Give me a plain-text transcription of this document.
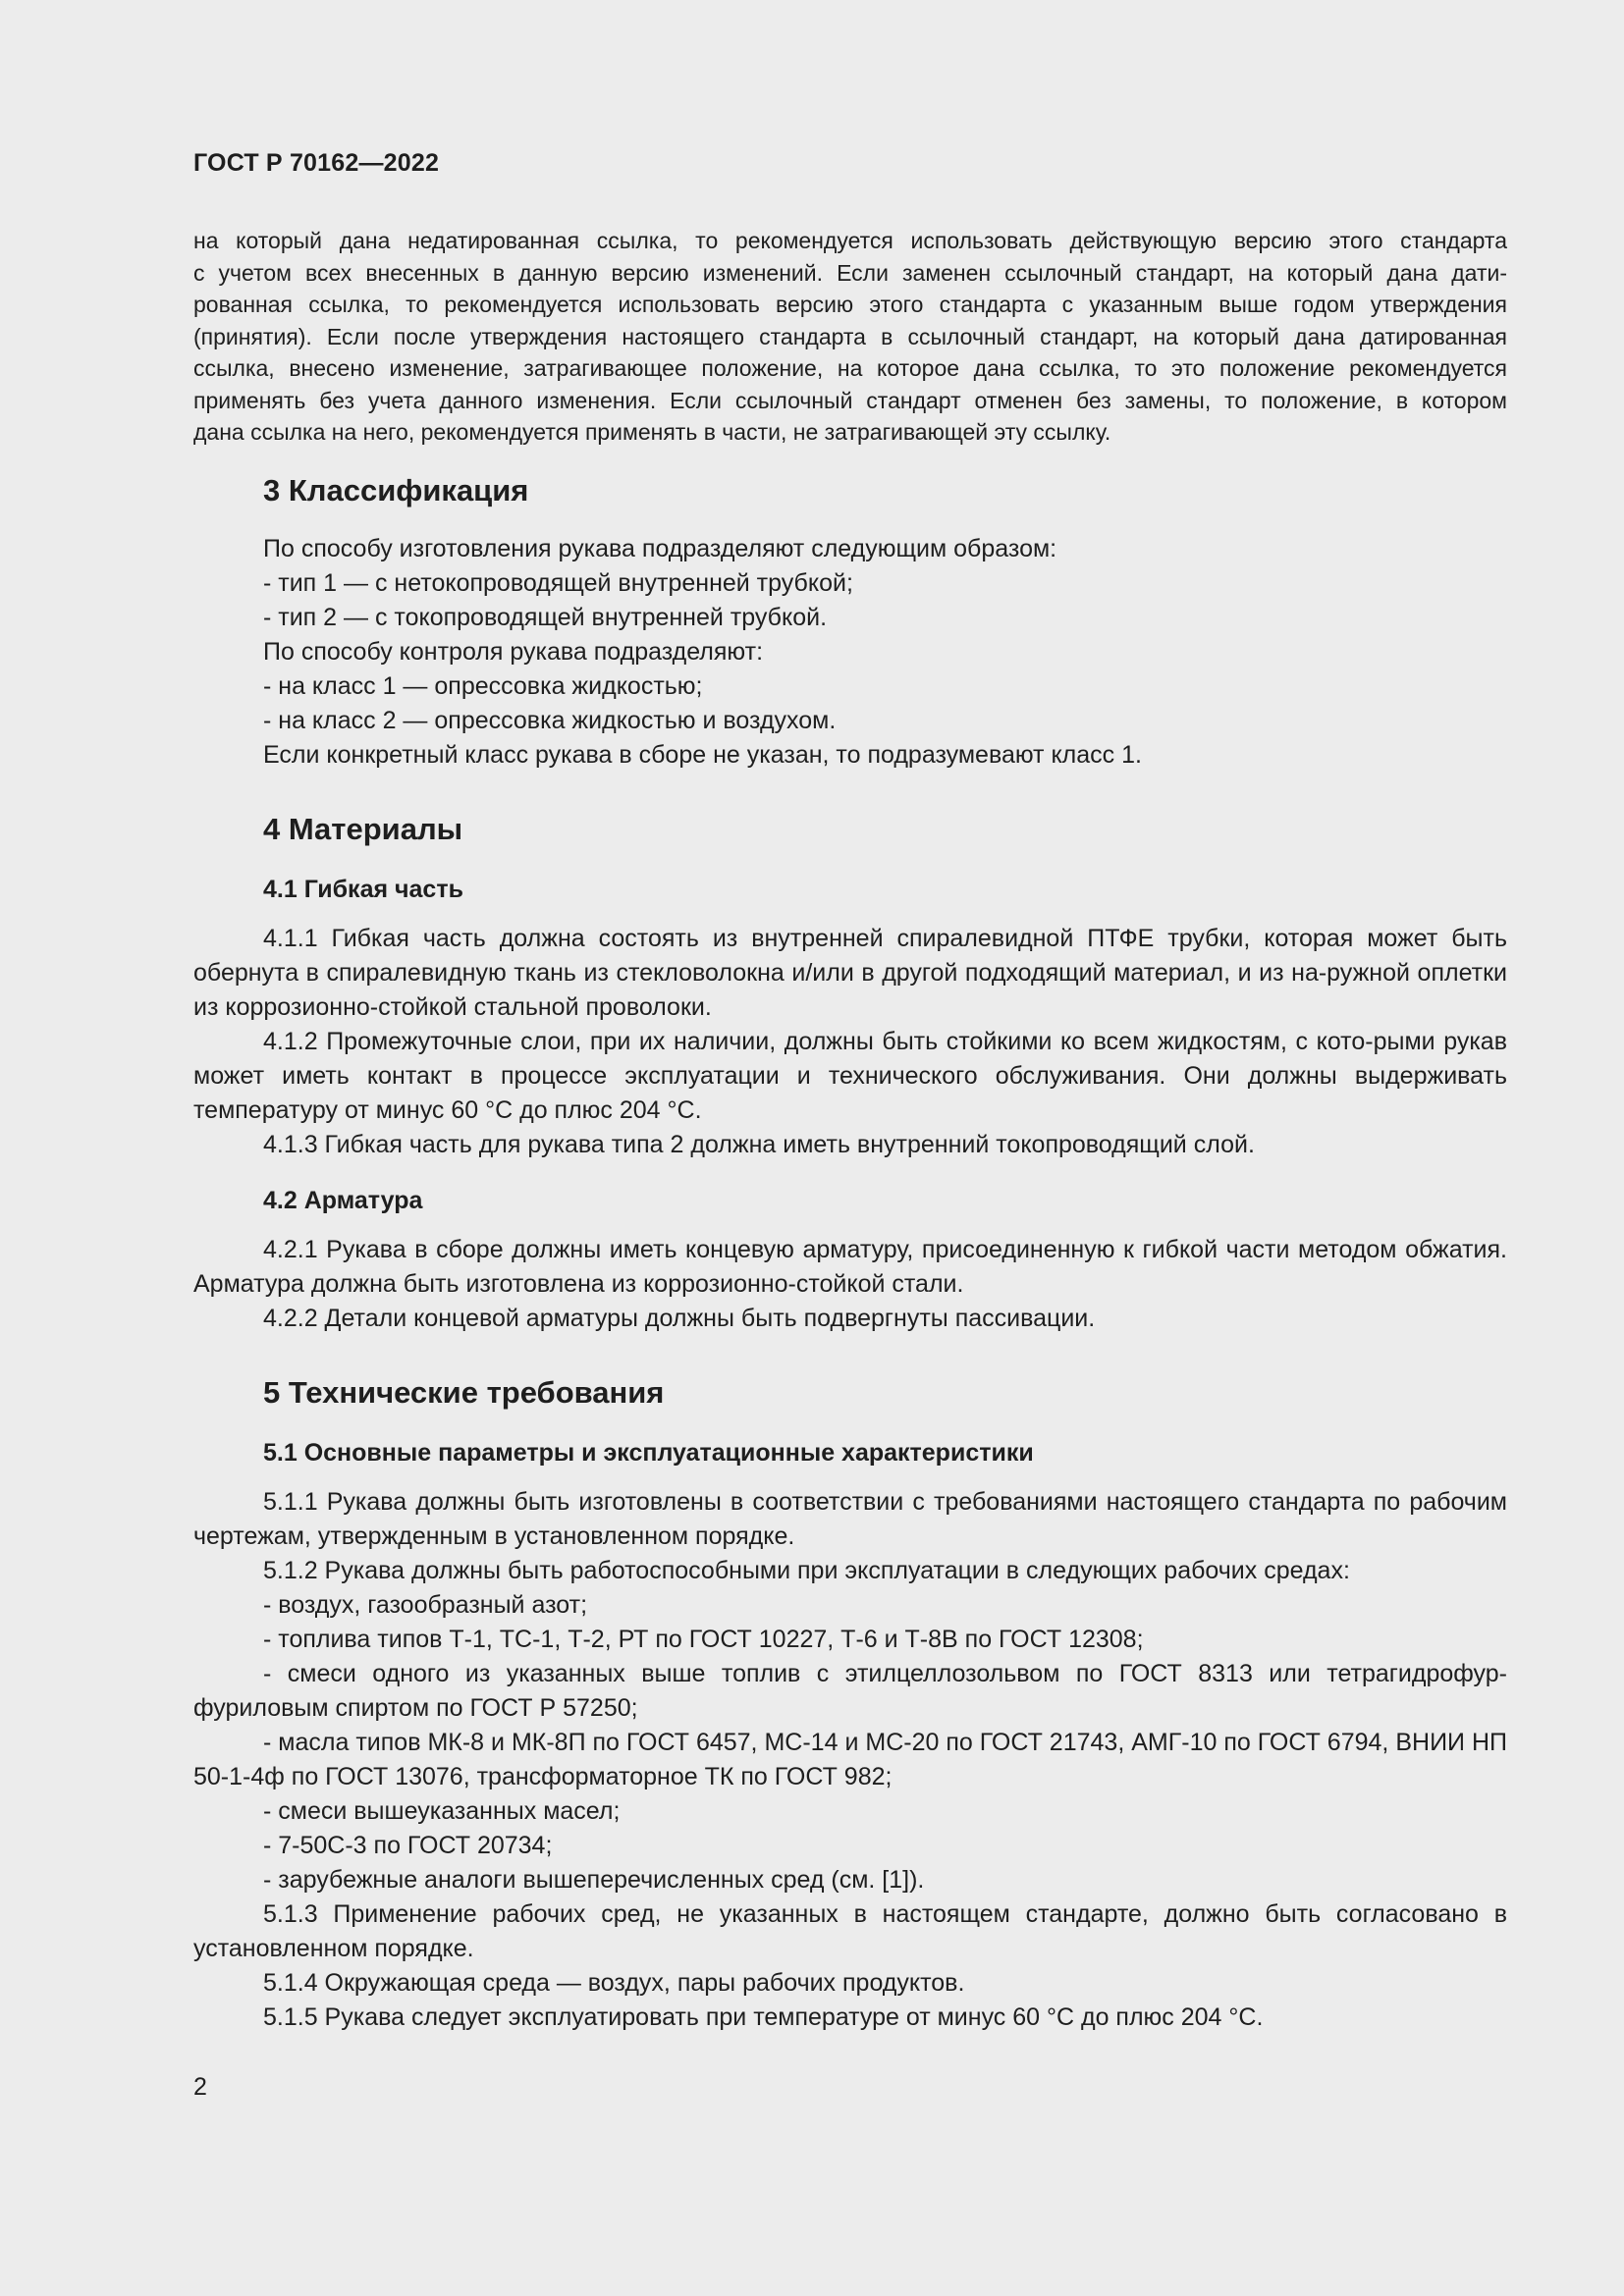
ГОСТ Р 70162—2022
на который дана недатированная ссылка, то рекомендуется использовать действующую версию этого стандарта
с учетом всех внесенных в данную версию изменений. Если заменен ссылочный стандарт, на который дана дати-
рованная ссылка, то рекомендуется использовать версию этого стандарта с указанным выше годом утверждения
(принятия). Если после утверждения настоящего стандарта в ссылочный стандарт, на который дана датированная
ссылка, внесено изменение, затрагивающее положение, на которое дана ссылка, то это положение рекомендуется
применять без учета данного изменения. Если ссылочный стандарт отменен без замены, то положение, в котором
дана ссылка на него, рекомендуется применять в части, не затрагивающей эту ссылку.
3 Классификация

По способу изготовления рукава подразделяют следующим образом:

- тип 1 — с нетокопроводящей внутренней трубкой;

- тип 2 — с токопроводящей внутренней трубкой.

По способу контроля рукава подразделяют:

- на класс 1 — опрессовка жидкостью;

- на класс 2 — опрессовка жидкостью и воздухом.

Если конкретный класс рукава в сборе не указан, то подразумевают класс 1.

4 Материалы
4.1 Гибкая часть

4.1.1 Гибкая часть должна состоять из внутренней спиралевидной ПТФЕ трубки, которая может быть обернута в спиралевидную ткань из стекловолокна и/или в другой подходящий материал, и из на-ружной оплетки из коррозионно-стойкой стальной проволоки.

4.1.2 Промежуточные слои, при их наличии, должны быть стойкими ко всем жидкостям, с кото-рыми рукав может иметь контакт в процессе эксплуатации и технического обслуживания. Они должны выдерживать температуру от минус 60 °С до плюс 204 °С.

4.1.3 Гибкая часть для рукава типа 2 должна иметь внутренний токопроводящий слой.

4.2 Арматура

4.2.1 Рукава в сборе должны иметь концевую арматуру, присоединенную к гибкой части методом обжатия. Арматура должна быть изготовлена из коррозионно-стойкой стали.

4.2.2 Детали концевой арматуры должны быть подвергнуты пассивации.

5 Технические требования
5.1 Основные параметры и эксплуатационные характеристики

5.1.1 Рукава должны быть изготовлены в соответствии с требованиями настоящего стандарта по рабочим чертежам, утвержденным в установленном порядке.

5.1.2 Рукава должны быть работоспособными при эксплуатации в следующих рабочих средах:

- воздух, газообразный азот;

- топлива типов Т-1, ТС-1, Т-2, РТ по ГОСТ 10227, Т-6 и Т-8В по ГОСТ 12308;

- смеси одного из указанных выше топлив с этилцеллозольвом по ГОСТ 8313 или тетрагидрофур-фуриловым спиртом по ГОСТ Р 57250;

- масла типов МК-8 и МК-8П по ГОСТ 6457, МС-14 и МС-20 по ГОСТ 21743, АМГ-10 по ГОСТ 6794, ВНИИ НП 50-1-4ф по ГОСТ 13076, трансформаторное ТК по ГОСТ 982;

- смеси вышеуказанных масел;

- 7-50С-3 по ГОСТ 20734;

- зарубежные аналоги вышеперечисленных сред (см. [1]).

5.1.3 Применение рабочих сред, не указанных в настоящем стандарте, должно быть согласовано в установленном порядке.

5.1.4 Окружающая среда — воздух, пары рабочих продуктов.

5.1.5 Рукава следует эксплуатировать при температуре от минус 60 °С до плюс 204 °С.

2
